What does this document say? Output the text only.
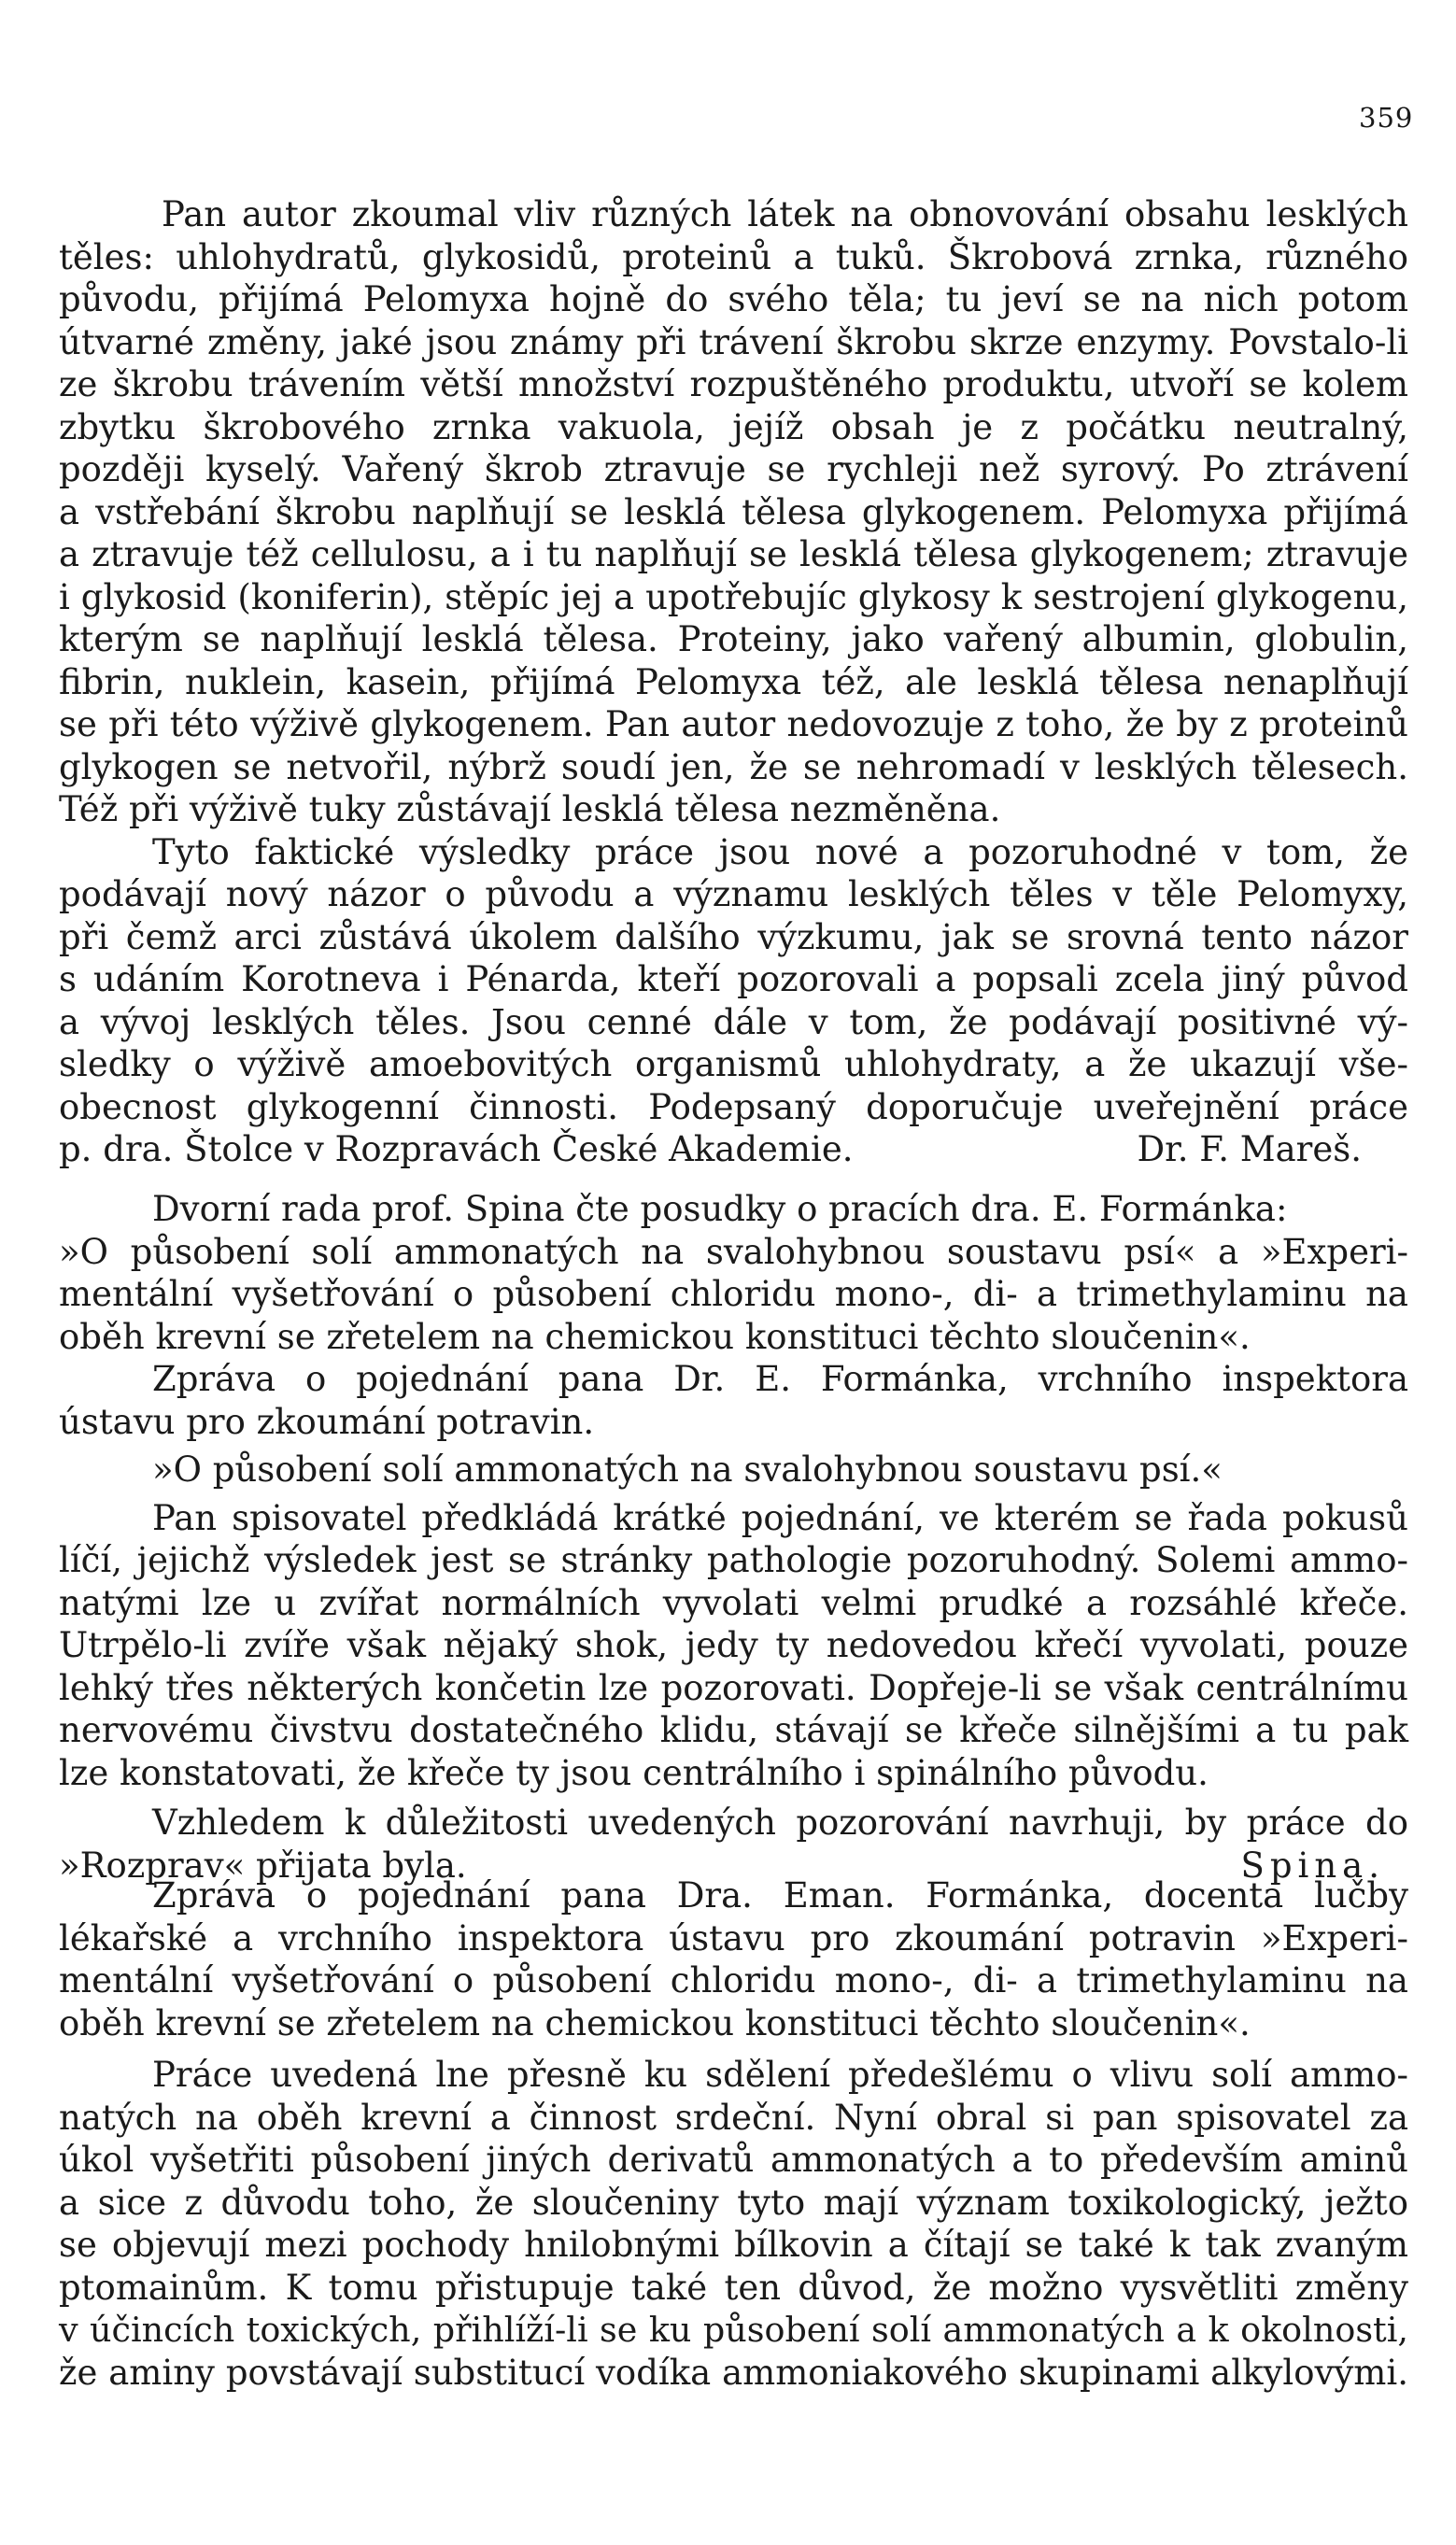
359
Pan autor zkoumal vliv různých látek na obnovování obsahu lesklých
těles: uhlohydratů, glykosidů, proteinů a tuků. Škrobová zrnka, různého
původu, přijímá Pelomyxa hojně do svého těla; tu jeví se na nich potom
útvarné změny, jaké jsou známy při trávení škrobu skrze enzymy. Povstalo-li
ze škrobu trávením větší množství rozpuštěného produktu, utvoří se kolem
zbytku škrobového zrnka vakuola, jejíž obsah je z počátku neutralný,
později kyselý. Vařený škrob ztravuje se rychleji než syrový. Po ztrávení
a vstřebání škrobu naplňují se lesklá tělesa glykogenem. Pelomyxa přijímá
a ztravuje též cellulosu, a i tu naplňují se lesklá tělesa glykogenem; ztravuje
i glykosid (koniferin), stěpíc jej a upotřebujíc glykosy k sestrojení glykogenu,
kterým se naplňují lesklá tělesa. Proteiny, jako vařený albumin, globulin,
fibrin, nuklein, kasein, přijímá Pelomyxa též, ale lesklá tělesa nenaplňují
se při této výživě glykogenem. Pan autor nedovozuje z toho, že by z proteinů
glykogen se netvořil, nýbrž soudí jen, že se nehromadí v lesklých tělesech.
Též při výživě tuky zůstávají lesklá tělesa nezměněna.
Tyto faktické výsledky práce jsou nové a pozoruhodné v tom, že
podávají nový názor o původu a významu lesklých těles v těle Pelomyxy,
při čemž arci zůstává úkolem dalšího výzkumu, jak se srovná tento názor
s udáním Korotneva i Pénarda, kteří pozorovali a popsali zcela jiný původ
a vývoj lesklých těles. Jsou cenné dále v tom, že podávají positivné vý-
sledky o výživě amoebovitých organismů uhlohydraty, a že ukazují vše-
obecnost glykogenní činnosti. Podepsaný doporučuje uveřejnění práce
p. dra. Štolce v Rozpravách České Akademie.	Dr. F. Mareš.
Dvorní rada prof. Spina čte posudky o pracích dra. E. Formánka:
»O působení solí ammonatých na svalohybnou soustavu psí« a »Experi-
mentální vyšetřování o působení chloridu mono-, di- a trimethylaminu na
oběh krevní se zřetelem na chemickou konstituci těchto sloučenin«.
Zpráva o pojednání pana Dr. E. Formánka, vrchního inspektora
ústavu pro zkoumání potravin.
»O působení solí ammonatých na svalohybnou soustavu psí.«
Pan spisovatel předkládá krátké pojednání, ve kterém se řada pokusů
líčí, jejichž výsledek jest se stránky pathologie pozoruhodný. Solemi ammo-
natými lze u zvířat normálních vyvolati velmi prudké a rozsáhlé křeče.
Utrpělo-li zvíře však nějaký shok, jedy ty nedovedou křečí vyvolati, pouze
lehký třes některých končetin lze pozorovati. Dopřeje-li se však centrálnímu
nervovému čivstvu dostatečného klidu, stávají se křeče silnějšími a tu pak
lze konstatovati, že křeče ty jsou centrálního i spinálního původu.
Vzhledem k důležitosti uvedených pozorování navrhuji, by práce do
»Rozprav« přijata byla.	Spina.
Zpráva o pojednání pana Dra. Eman. Formánka, docenta lučby
lékařské a vrchního inspektora ústavu pro zkoumání potravin »Experi-
mentální vyšetřování o působení chloridu mono-, di- a trimethylaminu na
oběh krevní se zřetelem na chemickou konstituci těchto sloučenin«.
Práce uvedená lne přesně ku sdělení předešlému o vlivu solí ammo-
natých na oběh krevní a činnost srdeční. Nyní obral si pan spisovatel za
úkol vyšetřiti působení jiných derivatů ammonatých a to především aminů
a sice z důvodu toho, že sloučeniny tyto mají význam toxikologický, ježto
se objevují mezi pochody hnilobnými bílkovin a čítají se také k tak zvaným
ptomainům. K tomu přistupuje také ten důvod, že možno vysvětliti změny
v účincích toxických, přihlíží-li se ku působení solí ammonatých a k okolnosti,
že aminy povstávají substitucí vodíka ammoniakového skupinami alkylovými.
